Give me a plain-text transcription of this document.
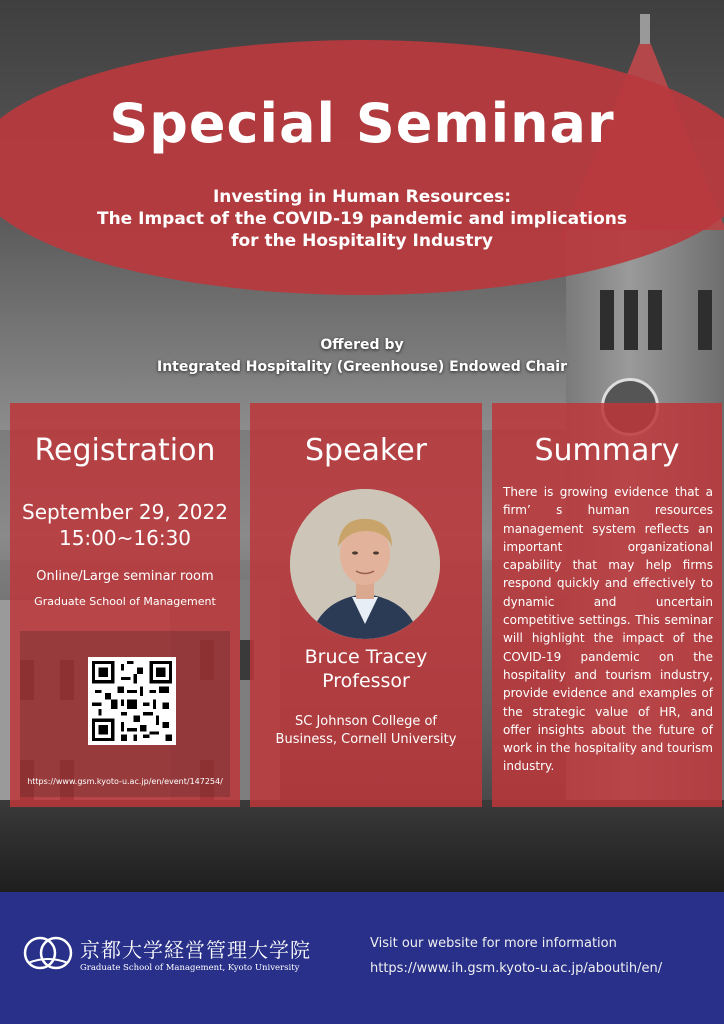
Special Seminar
Investing in Human Resources:
The Impact of the COVID-19 pandemic and implications
for the Hospitality Industry
Offered by
Integrated Hospitality (Greenhouse) Endowed Chair
Registration
September 29, 2022
15:00~16:30
Online/Large seminar room
Graduate School of Management
https://www.gsm.kyoto-u.ac.jp/en/event/147254/
Speaker
Bruce Tracey
Professor
SC Johnson College of
Business, Cornell University
Summary
There is growing evidence that a firm’ s human resources management system reflects an important organizational capability that may help firms respond quickly and effectively to dynamic and uncertain competitive settings. This seminar will highlight the impact of the COVID-19 pandemic on the hospitality and tourism industry, provide evidence and examples of the strategic value of HR, and offer insights about the future of work in the hospitality and tourism industry.
京都大学経営管理大学院
Graduate School of Management, Kyoto University
Visit our website for more information
https://www.ih.gsm.kyoto-u.ac.jp/aboutih/en/
